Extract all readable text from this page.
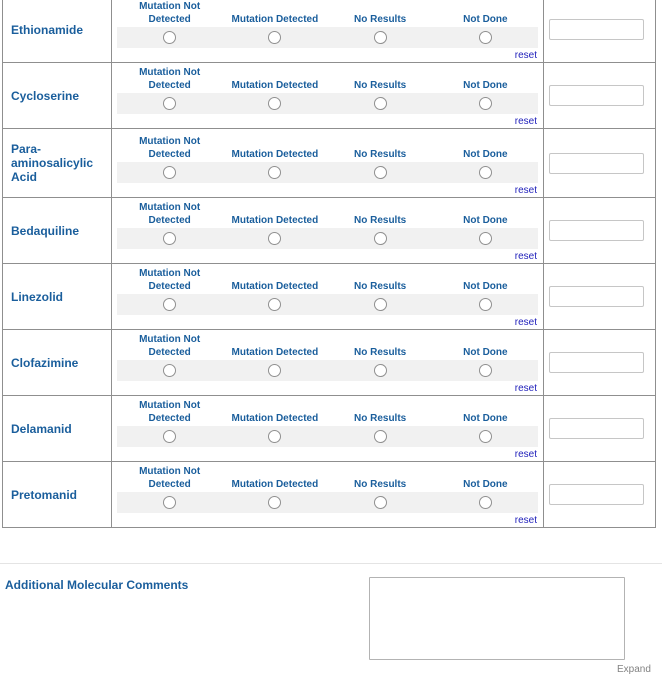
Ethionamide	Mutation Not Detected Mutation Detected No Results Not Done
reset

Cycloserine	Mutation Not Detected Mutation Detected No Results Not Done
reset

Para-aminosalicylic Acid	Mutation Not Detected Mutation Detected No Results Not Done
reset

Bedaquiline	Mutation Not Detected Mutation Detected No Results Not Done
reset

Linezolid	Mutation Not Detected Mutation Detected No Results Not Done
reset

Clofazimine	Mutation Not Detected Mutation Detected No Results Not Done
reset

Delamanid	Mutation Not Detected Mutation Detected No Results Not Done
reset

Pretomanid	Mutation Not Detected Mutation Detected No Results Not Done
reset

Additional Molecular Comments
Expand
